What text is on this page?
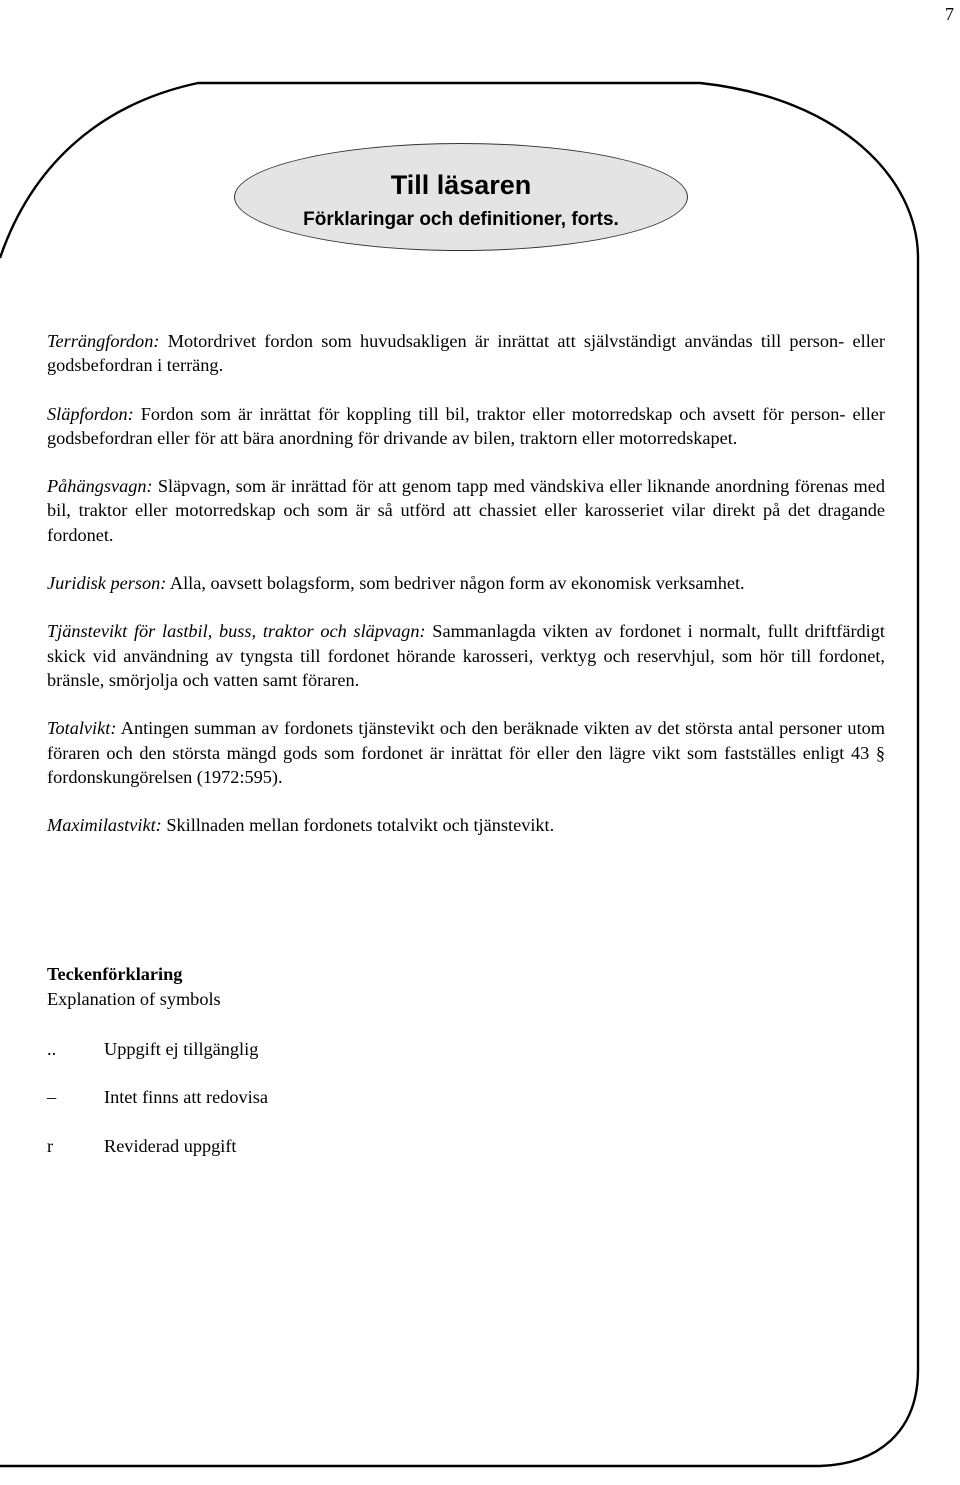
7
Till läsaren
Förklaringar och definitioner, forts.

Terrängfordon: Motordrivet fordon som huvudsakligen är inrättat att självständigt användas till person- eller godsbefordran i terräng.

Släpfordon: Fordon som är inrättat för koppling till bil, traktor eller motorredskap och avsett för person- eller godsbefordran eller för att bära anordning för drivande av bilen, traktorn eller motorredskapet.

Påhängsvagn: Släpvagn, som är inrättad för att genom tapp med vändskiva eller liknande anordning förenas med bil, traktor eller motorredskap och som är så utförd att chassiet eller karosseriet vilar direkt på det dragande fordonet.

Juridisk person: Alla, oavsett bolagsform, som bedriver någon form av ekonomisk verksamhet.

Tjänstevikt för lastbil, buss, traktor och släpvagn: Sammanlagda vikten av fordonet i normalt, fullt driftfärdigt skick vid användning av tyngsta till fordonet hörande karosseri, verktyg och reservhjul, som hör till fordonet, bränsle, smörjolja och vatten samt föraren.

Totalvikt: Antingen summan av fordonets tjänstevikt och den beräknade vikten av det största antal personer utom föraren och den största mängd gods som fordonet är inrättat för eller den lägre vikt som fastställes enligt 43 § fordonskungörelsen (1972:595).

Maximilastvikt: Skillnaden mellan fordonets totalvikt och tjänstevikt.

Teckenförklaring
Explanation of symbols
..	Uppgift ej tillgänglig
–	Intet finns att redovisa
r	Reviderad uppgift
